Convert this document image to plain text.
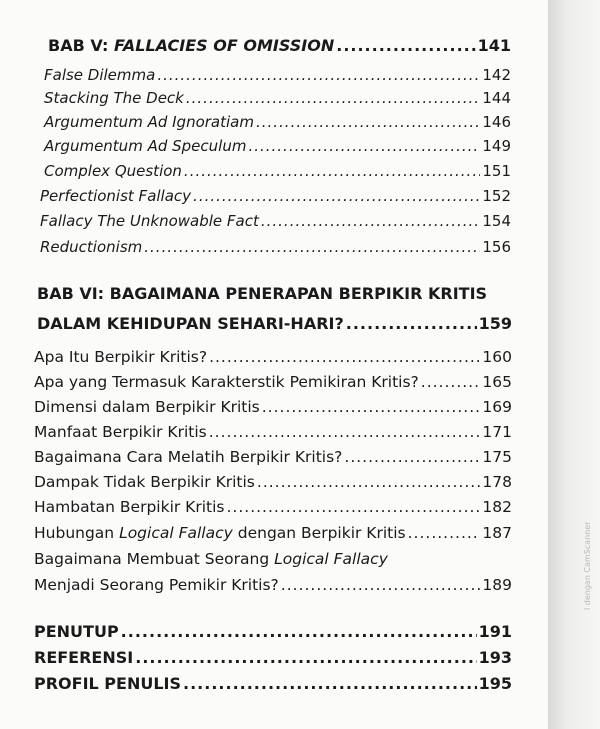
BAB V: FALLACIES OF OMISSION .....	141
False Dilemma .....	142
Stacking The Deck .....	144
Argumentum Ad Ignoratiam .....	146
Argumentum Ad Speculum .....	149
Complex Question .....	151
Perfectionist Fallacy .....	152
Fallacy The Unknowable Fact .....	154
Reductionism .....	156
BAB VI: BAGAIMANA PENERAPAN BERPIKIR KRITIS
DALAM KEHIDUPAN SEHARI-HARI? .....	159
Apa Itu Berpikir Kritis? .....	160
Apa yang Termasuk Karakterstik Pemikiran Kritis? .....	165
Dimensi dalam Berpikir Kritis .....	169
Manfaat Berpikir Kritis .....	171
Bagaimana Cara Melatih Berpikir Kritis? .....	175
Dampak Tidak Berpikir Kritis .....	178
Hambatan Berpikir Kritis .....	182
Hubungan Logical Fallacy dengan Berpikir Kritis .....	187
Bagaimana Membuat Seorang Logical Fallacy
Menjadi Seorang Pemikir Kritis? .....	189
PENUTUP .....	191
REFERENSI .....	193
PROFIL PENULIS .....	195
l dengan CamScanner
